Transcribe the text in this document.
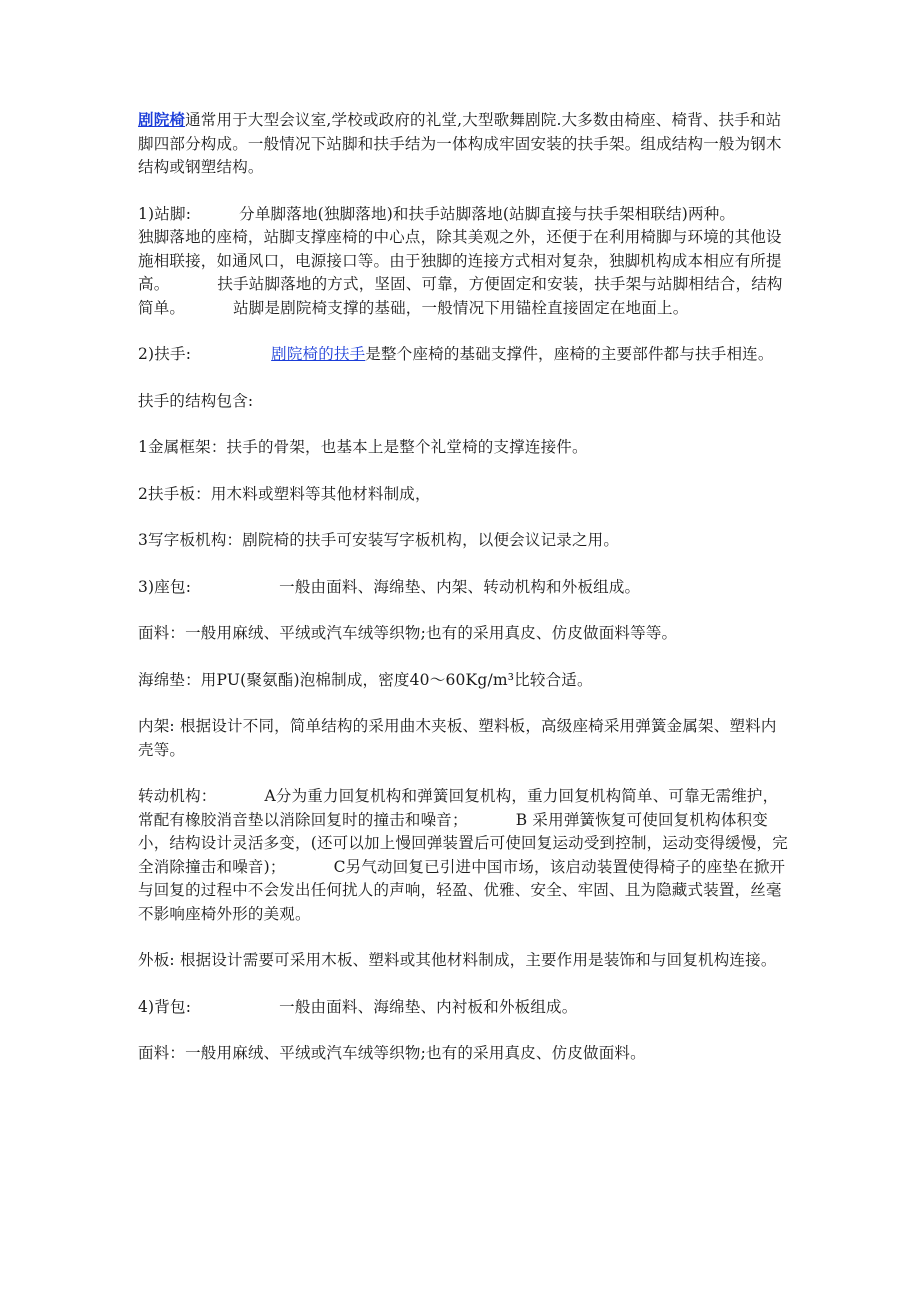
剧院椅通常用于大型会议室,学校或政府的礼堂,大型歌舞剧院.大多数由椅座、椅背、扶手和站脚四部分构成。一般情况下站脚和扶手结为一体构成牢固安装的扶手架。组成结构一般为钢木结构或钢塑结构。

1)站脚:	分单脚落地(独脚落地)和扶手站脚落地(站脚直接与扶手架相联结)两种。独脚落地的座椅，站脚支撑座椅的中心点，除其美观之外，还便于在利用椅脚与环境的其他设施相联接，如通风口，电源接口等。由于独脚的连接方式相对复杂，独脚机构成本相应有所提高。	扶手站脚落地的方式，坚固、可靠，方便固定和安装，扶手架与站脚相结合，结构简单。	站脚是剧院椅支撑的基础，一般情况下用锚栓直接固定在地面上。

2)扶手:	剧院椅的扶手是整个座椅的基础支撑件，座椅的主要部件都与扶手相连。

扶手的结构包含:

1金属框架：扶手的骨架，也基本上是整个礼堂椅的支撑连接件。

2扶手板：用木料或塑料等其他材料制成，

3写字板机构：剧院椅的扶手可安装写字板机构，以便会议记录之用。

3)座包:	一般由面料、海绵垫、内架、转动机构和外板组成。

面料：一般用麻绒、平绒或汽车绒等织物;也有的采用真皮、仿皮做面料等等。

海绵垫：用PU(聚氨酯)泡棉制成，密度40～60Kg/m³比较合适。

内架: 根据设计不同，简单结构的采用曲木夹板、塑料板，高级座椅采用弹簧金属架、塑料内壳等。

转动机构：	A分为重力回复机构和弹簧回复机构，重力回复机构简单、可靠无需维护，常配有橡胶消音垫以消除回复时的撞击和噪音；	B 采用弹簧恢复可使回复机构体积变小，结构设计灵活多变，(还可以加上慢回弹装置后可使回复运动受到控制，运动变得缓慢，完全消除撞击和噪音)；	C另气动回复已引进中国市场，该启动装置使得椅子的座垫在掀开与回复的过程中不会发出任何扰人的声响，轻盈、优雅、安全、牢固、且为隐藏式装置，丝毫不影响座椅外形的美观。

外板: 根据设计需要可采用木板、塑料或其他材料制成，主要作用是装饰和与回复机构连接。

4)背包:	一般由面料、海绵垫、内衬板和外板组成。

面料：一般用麻绒、平绒或汽车绒等织物;也有的采用真皮、仿皮做面料。
